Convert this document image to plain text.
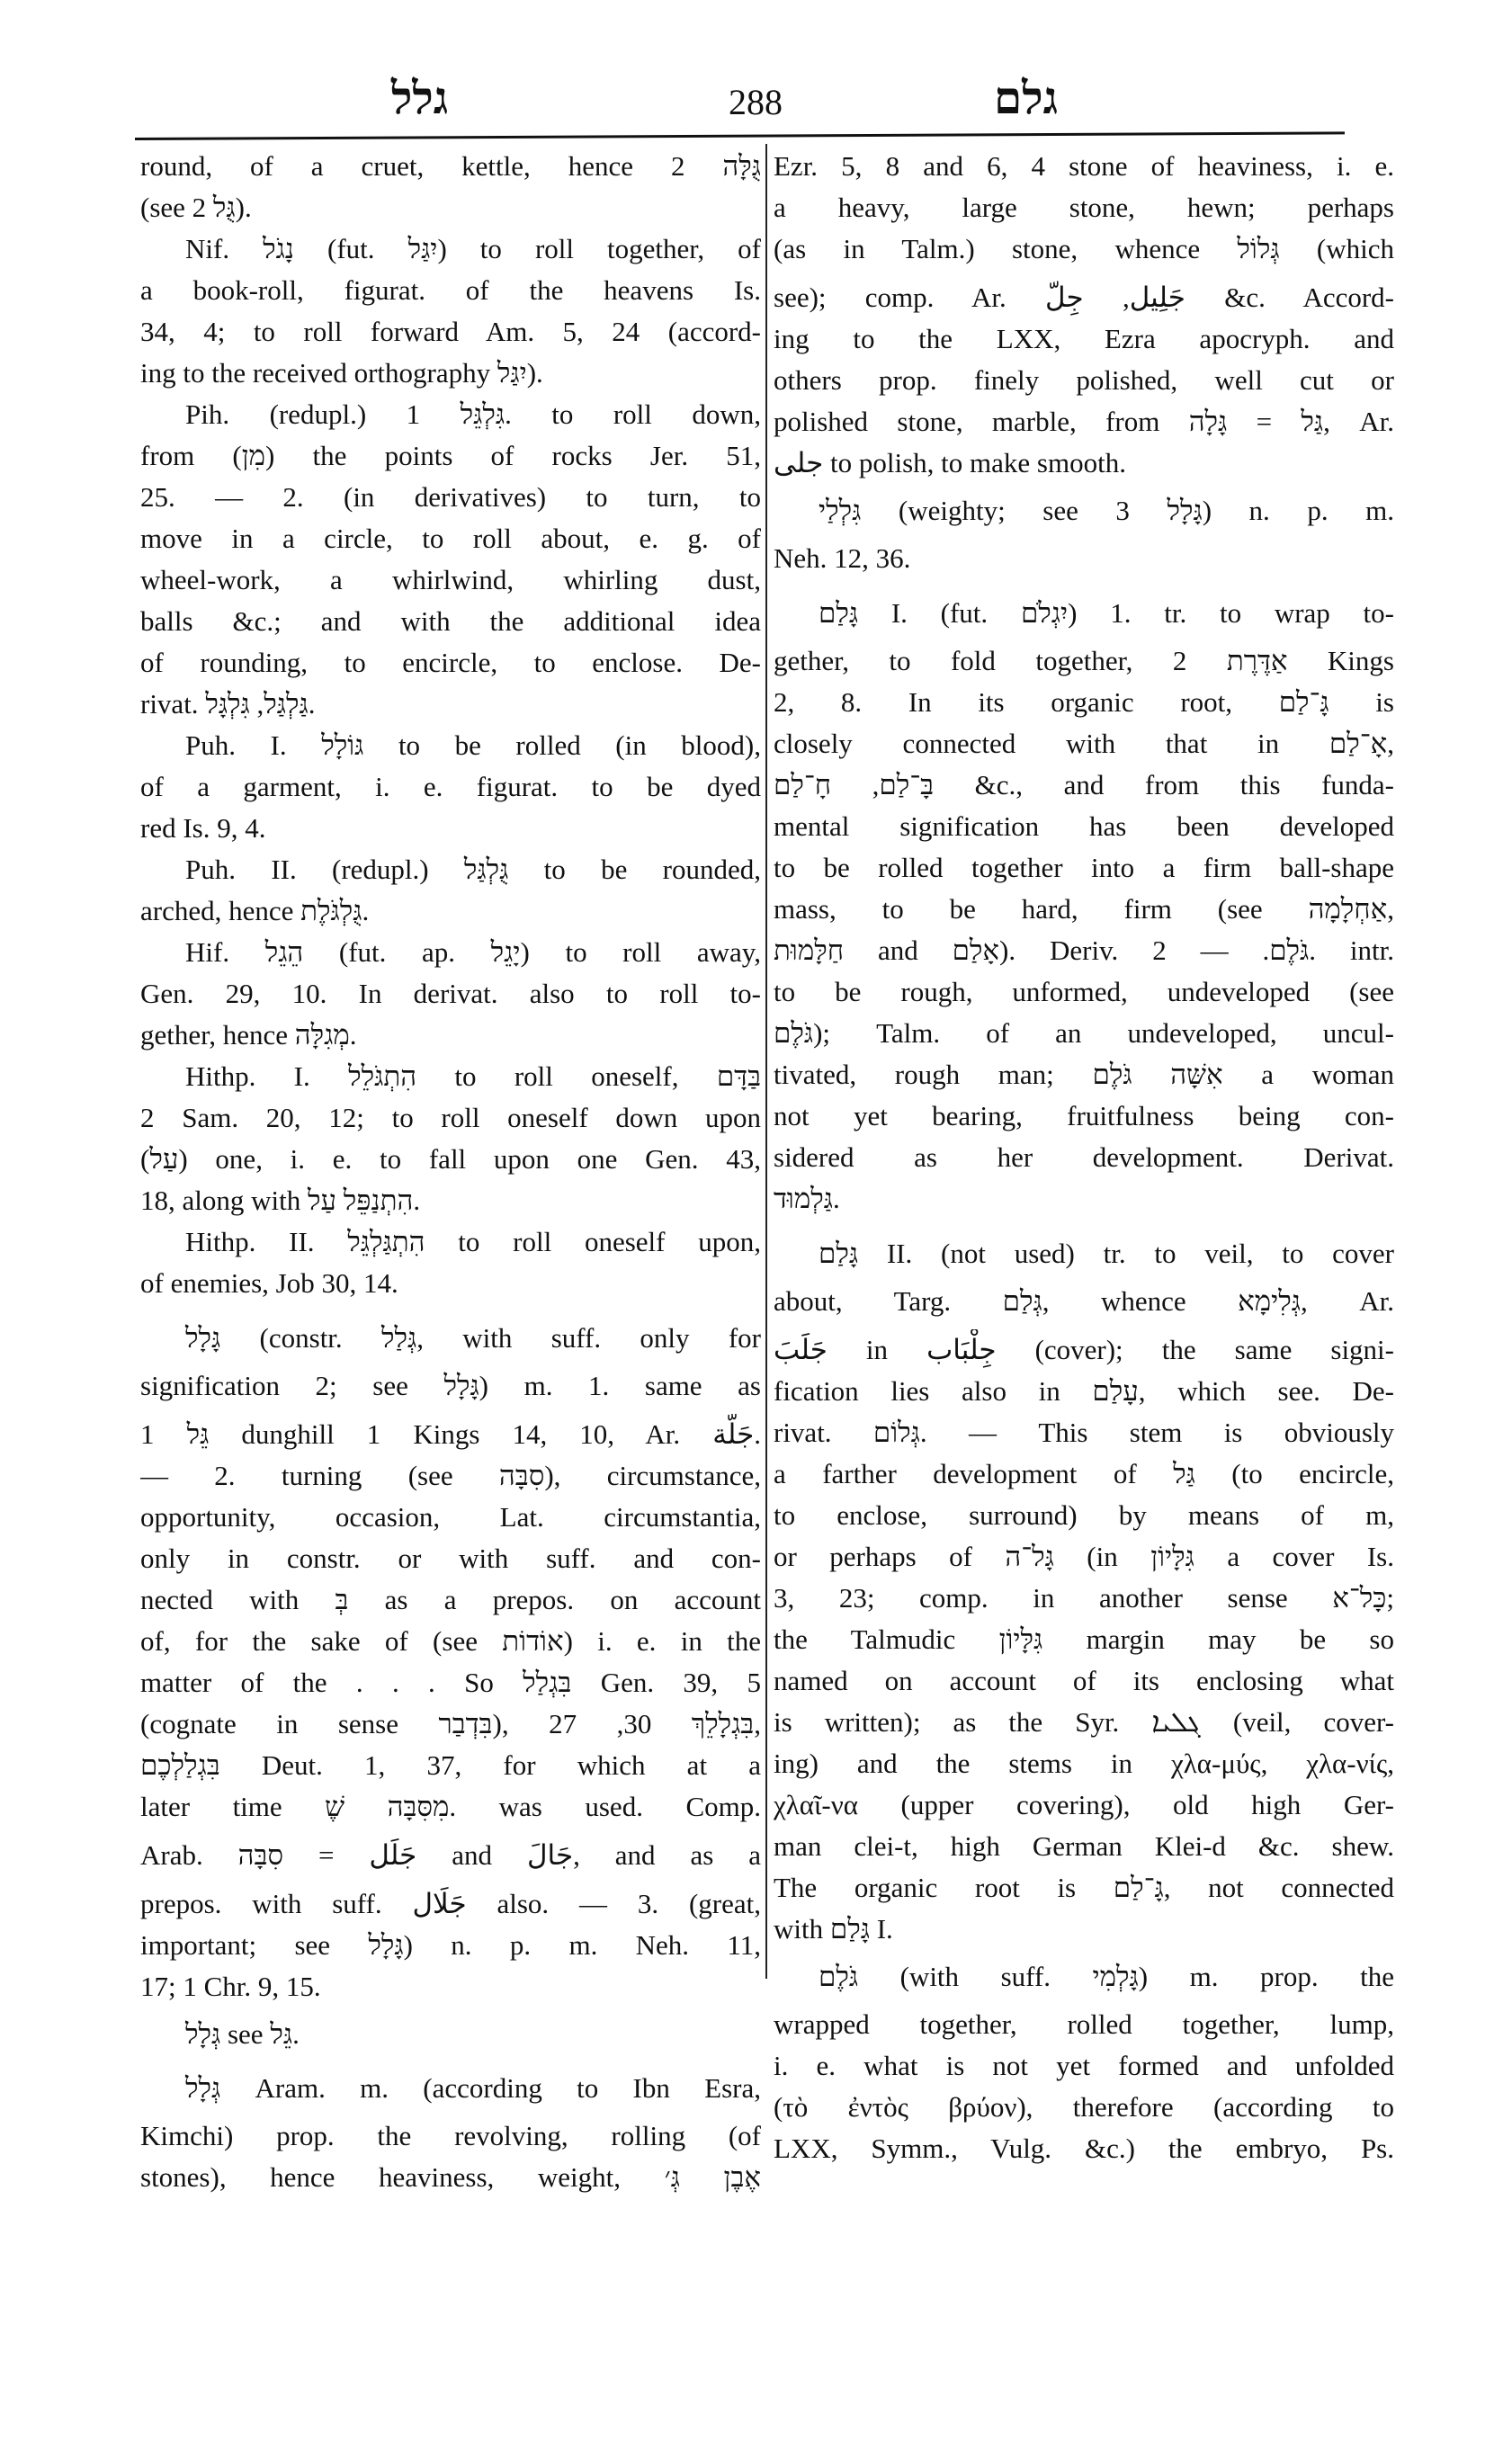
גלל	288	גלם
round, of a cruet, kettle, hence גֻּלָּה 2
(see גֻּל 2).
Nif. נָגֹל (fut. יִגַּל) to roll together, of
a book-roll, figurat. of the heavens Is.
34, 4; to roll forward Am. 5, 24 (accord-
ing to the received orthography יִגַּל).
Pih. (redupl.) גִּלְגֵּל 1. to roll down,
from (מִן) the points of rocks Jer. 51,
25. — 2. (in derivatives) to turn, to
move in a circle, to roll about, e. g. of
wheel-work, a whirlwind, whirling dust,
balls &c.; and with the additional idea
of rounding, to encircle, to enclose. De-
rivat. גַּלְגַּל, גִּלְגָּל.
Puh. I. גּוֹלָל to be rolled (in blood),
of a garment, i. e. figurat. to be dyed
red Is. 9, 4.
Puh. II. (redupl.) גֻּלְגַּל to be rounded,
arched, hence גֻּלְגֹּלֶת.
Hif. הֵגֵל (fut. ap. יָגֵל) to roll away,
Gen. 29, 10. In derivat. also to roll to-
gether, hence מְגִלָּה.
Hithp. I. הִתְגֹּלֵל to roll oneself, בַּדָּם
2 Sam. 20, 12; to roll oneself down upon
(עַל) one, i. e. to fall upon one Gen. 43,
18, along with הִתְנַפֵּל עַל.
Hithp. II. הִתְגַּלְגֵּל to roll oneself upon,
of enemies, Job 30, 14.
גָּלָל (constr. גְּלַל, with suff. only for
signification 2; see גָּלָל) m. 1. same as
גֵּל 1 dunghill 1 Kings 14, 10, Ar. جَلَّة.
— 2. turning (see סִבָּה), circumstance,
opportunity, occasion, Lat. circumstantia,
only in constr. or with suff. and con-
nected with בְּ as a prepos. on account
of, for the sake of (see אוֹדוֹת) i. e. in the
matter of the . . . So בִּגְלַל Gen. 39, 5
(cognate in sense בִּדְבַר), בִּגְלָלֵךְ 30, 27,
בִּגְלַלְכֶם Deut. 1, 37, for which at a
later time מִסִּבָּה שֶׁ. was used. Comp.
Arab. جَلَل = סִבָּה and جَالَ, and as a
prepos. with suff. جَلَال also. — 3. (great,
important; see גָּלָל) n. p. m. Neh. 11,
17; 1 Chr. 9, 15.
גְּלָל see גֵּל.
גְּלָל Aram. m. (according to Ibn Esra,
Kimchi) prop. the revolving, rolling (of
stones), hence heaviness, weight, אֶבֶן גְּ׳
Ezr. 5, 8 and 6, 4 stone of heaviness, i. e.
a heavy, large stone, hewn; perhaps
(as in Talm.) stone, whence גְּלוֹל (which
see); comp. Ar. جَلِيل, جِلّ &c. Accord-
ing to the LXX, Ezra apocryph. and
others prop. finely polished, well cut or
polished stone, marble, from גַּל = גָּלָה, Ar.
جلى to polish, to make smooth.
גִּלְלַי (weighty; see גָּלָל 3) n. p. m.
Neh. 12, 36.
גָּלַם I. (fut. יִגְלֹם) 1. tr. to wrap to-
gether, to fold together, אַדֶּרֶת 2 Kings
2, 8. In its organic root, גָּ־לַם is
closely connected with that in אָ־לַם,
בָּ־לַם, חָ־לַם &c., and from this funda-
mental signification has been developed
to be rolled together into a firm ball-shape
mass, to be hard, firm (see אַחְלָמָה,
חַלָּמוּת and אָלַם). Deriv. גֹּלֶם. — 2. intr.
to be rough, unformed, undeveloped (see
גֹּלֶם); Talm. of an undeveloped, uncul-
tivated, rough man; אִשָּׁה גֹּלֶם a woman
not yet bearing, fruitfulness being con-
sidered as her development. Derivat.
גַּלְמוּד.
גָּלַם II. (not used) tr. to veil, to cover
about, Targ. גְּלַם, whence גְּלִימָא, Ar.
جَلَبَ in جِلْبَاب (cover); the same signi-
fication lies also in עָלַם, which see. De-
rivat. גְּלוֹם. — This stem is obviously
a farther development of גַּל (to encircle,
to enclose, surround) by means of m,
or perhaps of גָּל־ה (in גִּלָּיוֹן a cover Is.
3, 23; comp. in another sense כָּל־א;
the Talmudic גִּלָּיוֹן margin may be so
named on account of its enclosing what
is written); as the Syr. ܓܠܝܐ (veil, cover-
ing) and the stems in χλα-μύς, χλα-νίς,
χλαῖ-να (upper covering), old high Ger-
man clei-t, high German Klei-d &c. shew.
The organic root is גָּ־לַם, not connected
with גָּלַם I.
גֹּלֶם (with suff. גָּלְמִי) m. prop. the
wrapped together, rolled together, lump,
i. e. what is not yet formed and unfolded
(τὸ ἐντὸς βρύον), therefore (according to
LXX, Symm., Vulg. &c.) the embryo, Ps.
